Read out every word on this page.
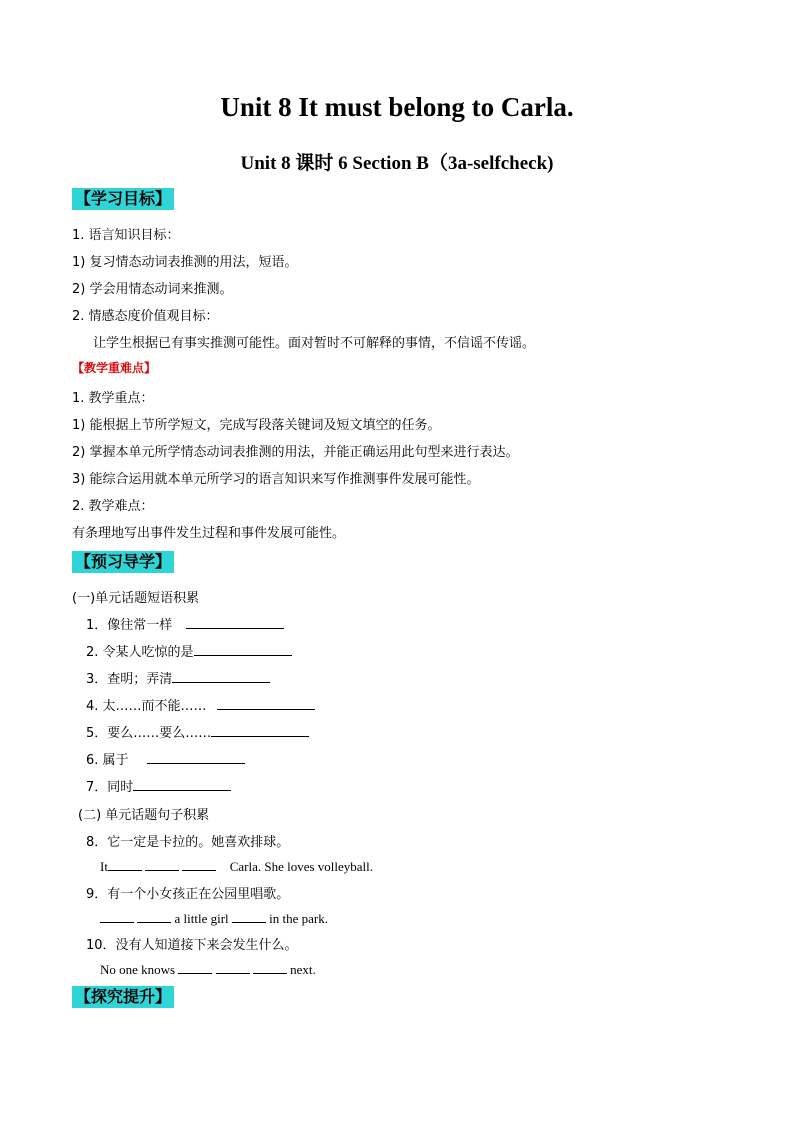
Unit 8 It must belong to Carla.
Unit 8 课时 6 Section B（3a-selfcheck)
【学习目标】
1. 语言知识目标：
1) 复习情态动词表推测的用法，短语。
2) 学会用情态动词来推测。
2. 情感态度价值观目标：
让学生根据已有事实推测可能性。面对暂时不可解释的事情，不信谣不传谣。
【教学重难点】
1. 教学重点：
1) 能根据上节所学短文，完成写段落关键词及短文填空的任务。
2) 掌握本单元所学情态动词表推测的用法，并能正确运用此句型来进行表达。
3) 能综合运用就本单元所学习的语言知识来写作推测事件发展可能性。
2. 教学难点：
有条理地写出事件发生过程和事件发展可能性。
【预习导学】
(一)单元话题短语积累
1．像往常一样
2. 令某人吃惊的是
3．查明；弄清
4. 太……而不能……
5．要么……要么……
6. 属于
7．同时
(二) 单元话题句子积累
8．它一定是卡拉的。她喜欢排球。
It	Carla. She loves volleyball.
9．有一个小女孩正在公园里唱歌。
a little girl	in the park.
10．没有人知道接下来会发生什么。
No one knows	next.
【探究提升】
